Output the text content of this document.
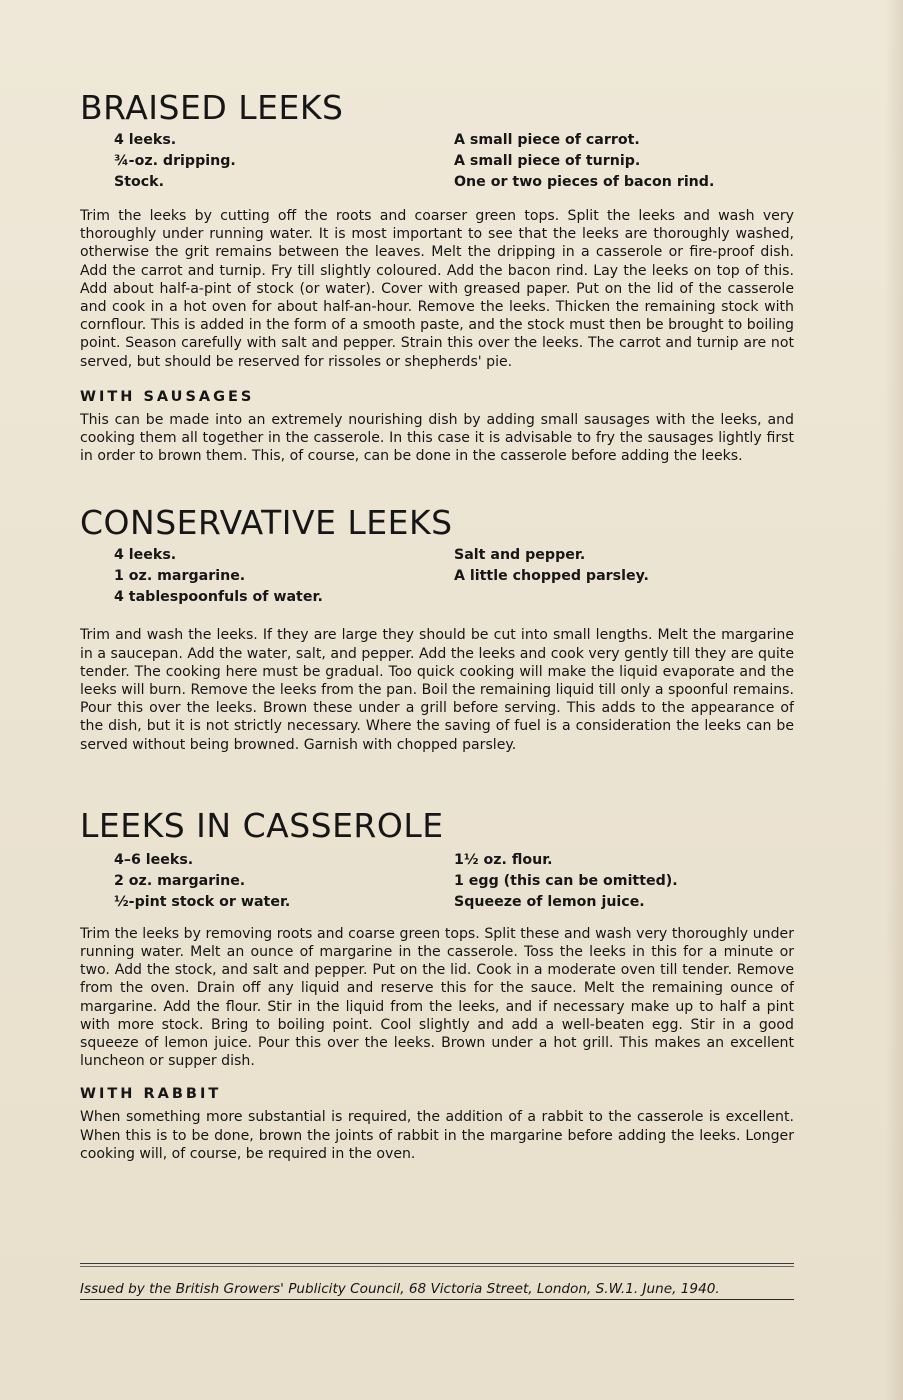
BRAISED LEEKS
4 leeks.
¾-oz. dripping.
Stock.
A small piece of carrot.
A small piece of turnip.
One or two pieces of bacon rind.

Trim the leeks by cutting off the roots and coarser green tops. Split the leeks and wash very thoroughly under running water. It is most important to see that the leeks are thoroughly washed, otherwise the grit remains between the leaves. Melt the dripping in a casserole or fire-proof dish. Add the carrot and turnip. Fry till slightly coloured. Add the bacon rind. Lay the leeks on top of this. Add about half-a-pint of stock (or water). Cover with greased paper. Put on the lid of the casserole and cook in a hot oven for about half-an-hour. Remove the leeks. Thicken the remaining stock with cornflour. This is added in the form of a smooth paste, and the stock must then be brought to boiling point. Season carefully with salt and pepper. Strain this over the leeks. The carrot and turnip are not served, but should be reserved for rissoles or shepherds' pie.

WITH SAUSAGES

This can be made into an extremely nourishing dish by adding small sausages with the leeks, and cooking them all together in the casserole. In this case it is advisable to fry the sausages lightly first in order to brown them. This, of course, can be done in the casserole before adding the leeks.

CONSERVATIVE LEEKS
4 leeks.
1 oz. margarine.
4 tablespoonfuls of water.
Salt and pepper.
A little chopped parsley.

Trim and wash the leeks. If they are large they should be cut into small lengths. Melt the margarine in a saucepan. Add the water, salt, and pepper. Add the leeks and cook very gently till they are quite tender. The cooking here must be gradual. Too quick cooking will make the liquid evaporate and the leeks will burn. Remove the leeks from the pan. Boil the remaining liquid till only a spoonful remains. Pour this over the leeks. Brown these under a grill before serving. This adds to the appearance of the dish, but it is not strictly necessary. Where the saving of fuel is a consideration the leeks can be served without being browned. Garnish with chopped parsley.

LEEKS IN CASSEROLE
4–6 leeks.
2 oz. margarine.
½-pint stock or water.
1½ oz. flour.
1 egg (this can be omitted).
Squeeze of lemon juice.

Trim the leeks by removing roots and coarse green tops. Split these and wash very thoroughly under running water. Melt an ounce of margarine in the casserole. Toss the leeks in this for a minute or two. Add the stock, and salt and pepper. Put on the lid. Cook in a moderate oven till tender. Remove from the oven. Drain off any liquid and reserve this for the sauce. Melt the remaining ounce of margarine. Add the flour. Stir in the liquid from the leeks, and if necessary make up to half a pint with more stock. Bring to boiling point. Cool slightly and add a well-beaten egg. Stir in a good squeeze of lemon juice. Pour this over the leeks. Brown under a hot grill. This makes an excellent luncheon or supper dish.

WITH RABBIT

When something more substantial is required, the addition of a rabbit to the casserole is excellent. When this is to be done, brown the joints of rabbit in the margarine before adding the leeks. Longer cooking will, of course, be required in the oven.

Issued by the British Growers' Publicity Council, 68 Victoria Street, London, S.W.1. June, 1940.
